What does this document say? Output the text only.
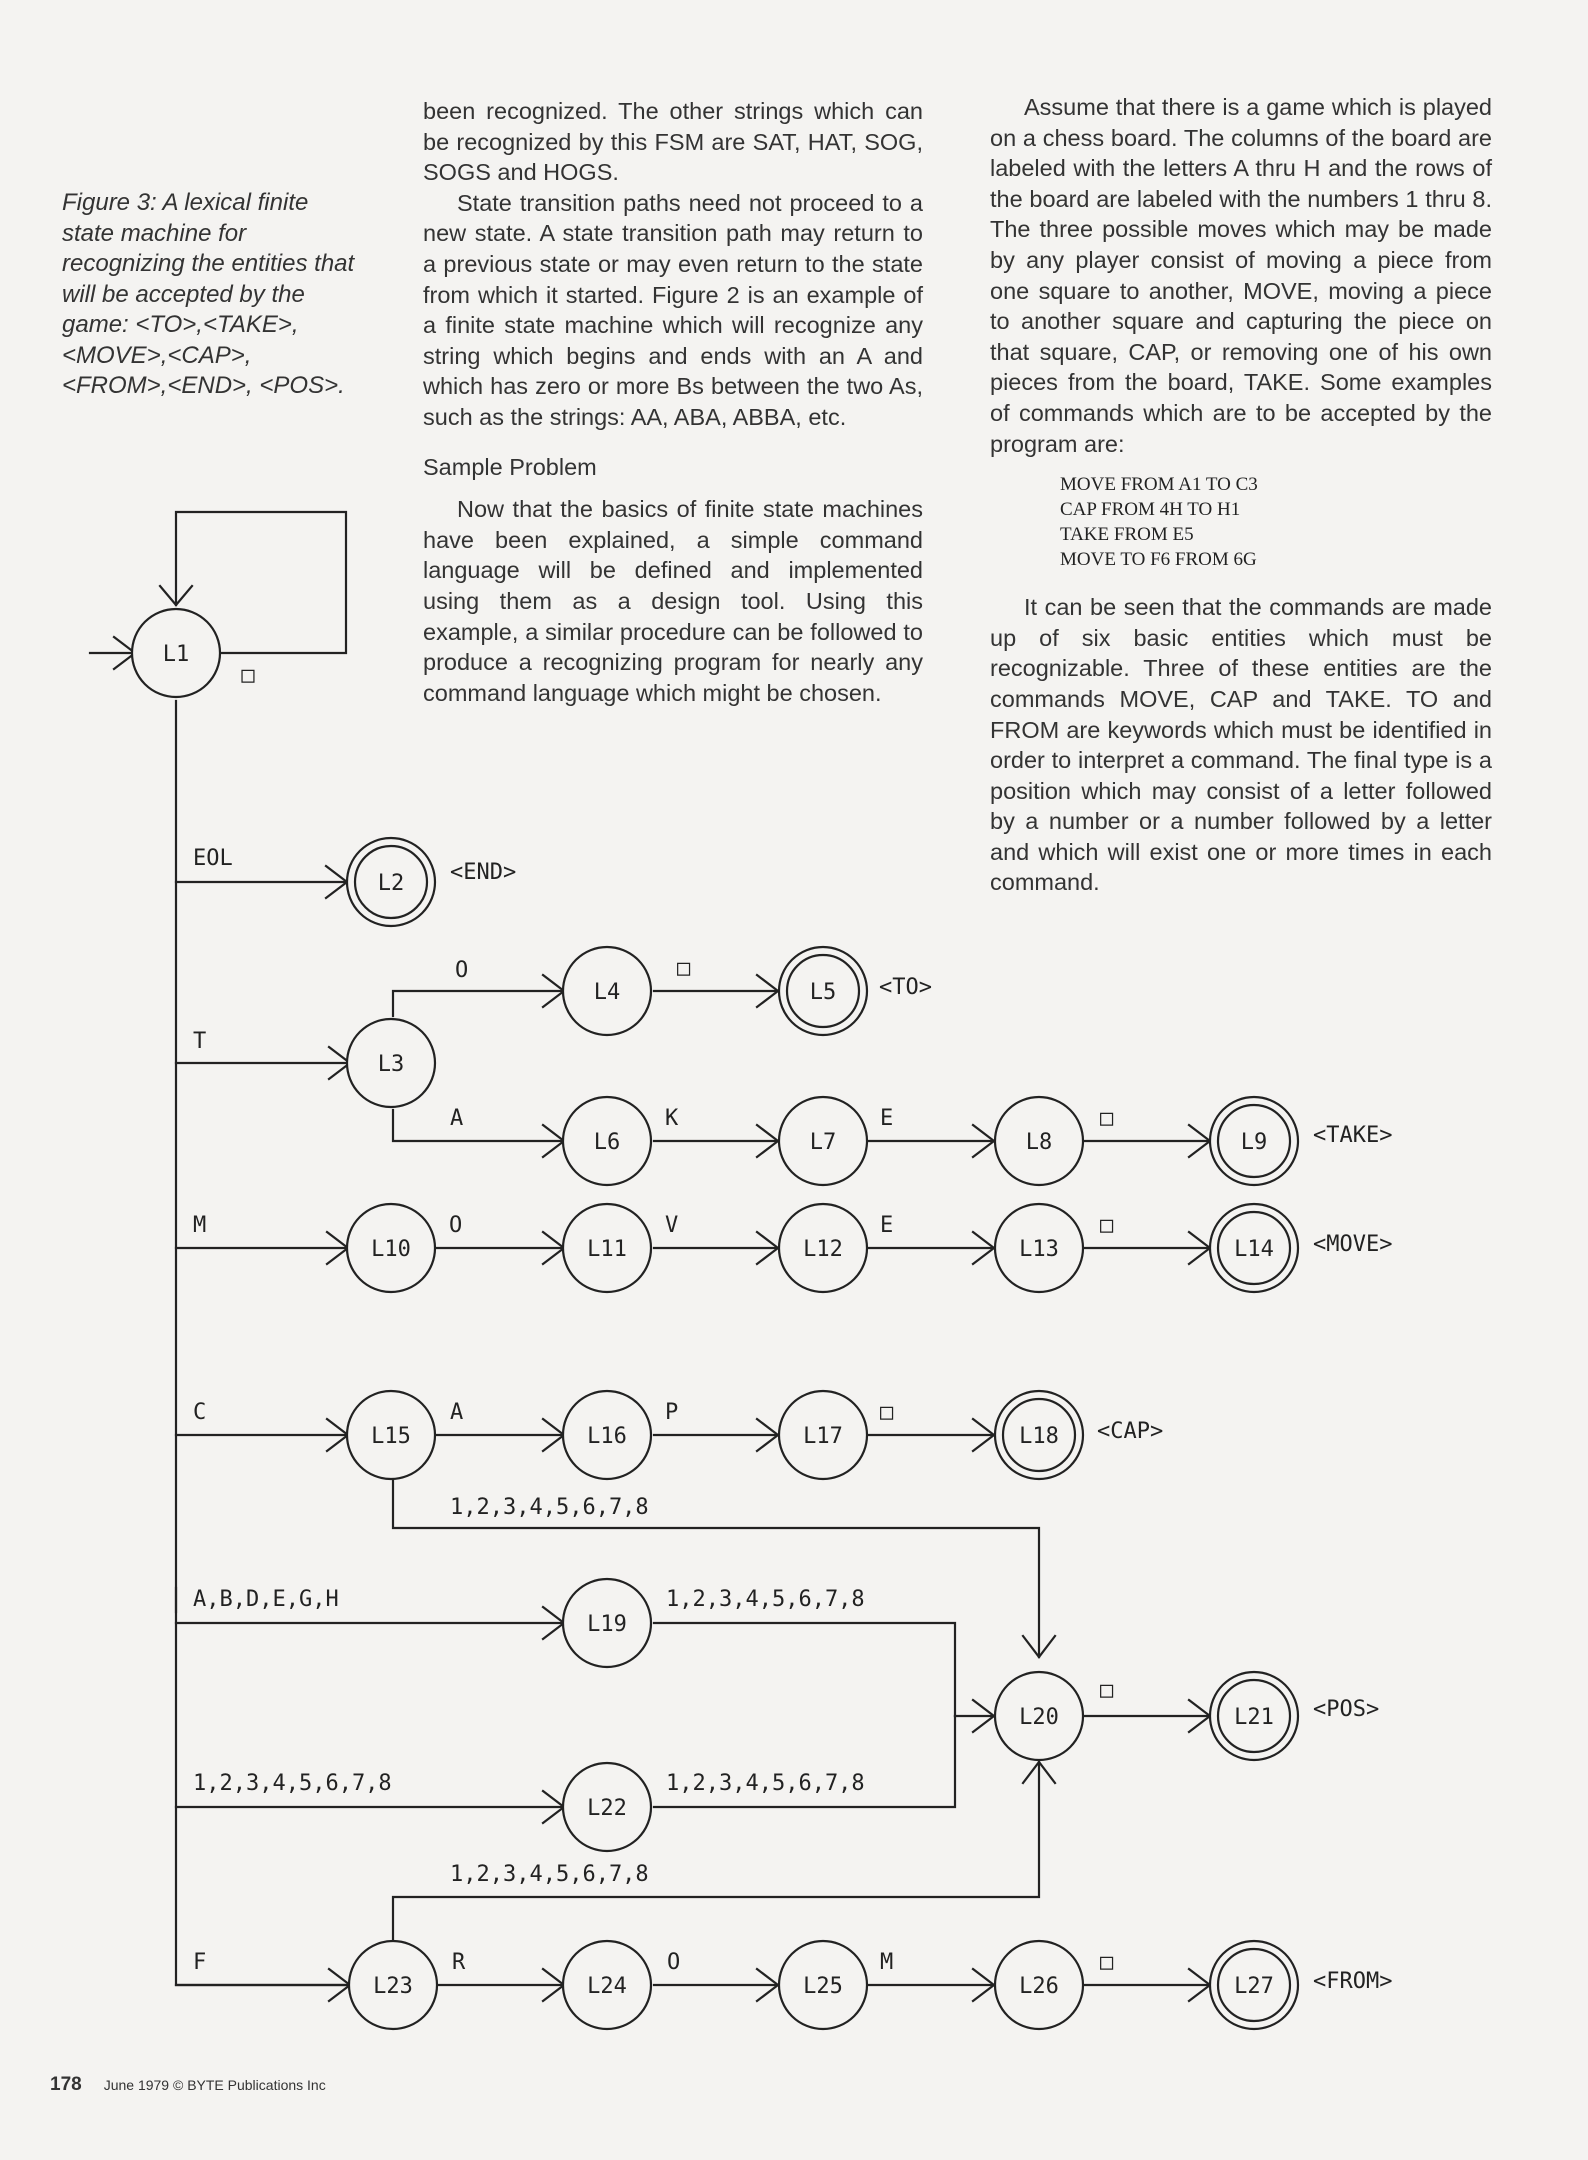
Figure 3: A lexical finite state machine for recognizing the entities that will be accepted by the game: <TO>,<TAKE>, <MOVE>,<CAP>, <FROM>,<END>, <POS>.

been recognized. The other strings which can be recognized by this FSM are SAT, HAT, SOG, SOGS and HOGS.

State transition paths need not proceed to a new state. A state transition path may return to a previous state or may even return to the state from which it started. Figure 2 is an example of a finite state machine which will recognize any string which begins and ends with an A and which has zero or more Bs between the two As, such as the strings: AA, ABA, ABBA, etc.

Sample Problem

Now that the basics of finite state machines have been explained, a simple command language will be defined and implemented using them as a design tool. Using this example, a similar procedure can be followed to produce a recognizing program for nearly any command language which might be chosen.

Assume that there is a game which is played on a chess board. The columns of the board are labeled with the letters A thru H and the rows of the board are labeled with the numbers 1 thru 8. The three possible moves which may be made by any player consist of moving a piece from one square to another, MOVE, moving a piece to another square and capturing the piece on that square, CAP, or removing one of his own pieces from the board, TAKE. Some examples of commands which are to be accepted by the program are:

MOVE FROM A1 TO C3

CAP FROM 4H TO H1

TAKE FROM E5

MOVE TO F6 FROM 6G

It can be seen that the commands are made up of six basic entities which must be recognizable. Three of these entities are the commands MOVE, CAP and TAKE. TO and FROM are keywords which must be identified in order to interpret a command. The final type is a position which may consist of a letter followed by a number or a number followed by a letter and which will exist one or more times in each command.

L1
□
EOL
L2 <END>
T
L3
O
L4
□
L5 <TO>
A
L6
K
L7
E
L8
□
L9 <TAKE>
M
L10
O
L11
V
L12
E
L13
□
L14 <MOVE>
C
L15
A
L16
P
L17
□
L18 <CAP>
1,2,3,4,5,6,7,8
A,B,D,E,G,H
L19
1,2,3,4,5,6,7,8
L20
□
L21 <POS>
1,2,3,4,5,6,7,8
L22
1,2,3,4,5,6,7,8
1,2,3,4,5,6,7,8
F
L23
R
L24
O
L25
M
L26
□
L27 <FROM>
178 June 1979 © BYTE Publications Inc
